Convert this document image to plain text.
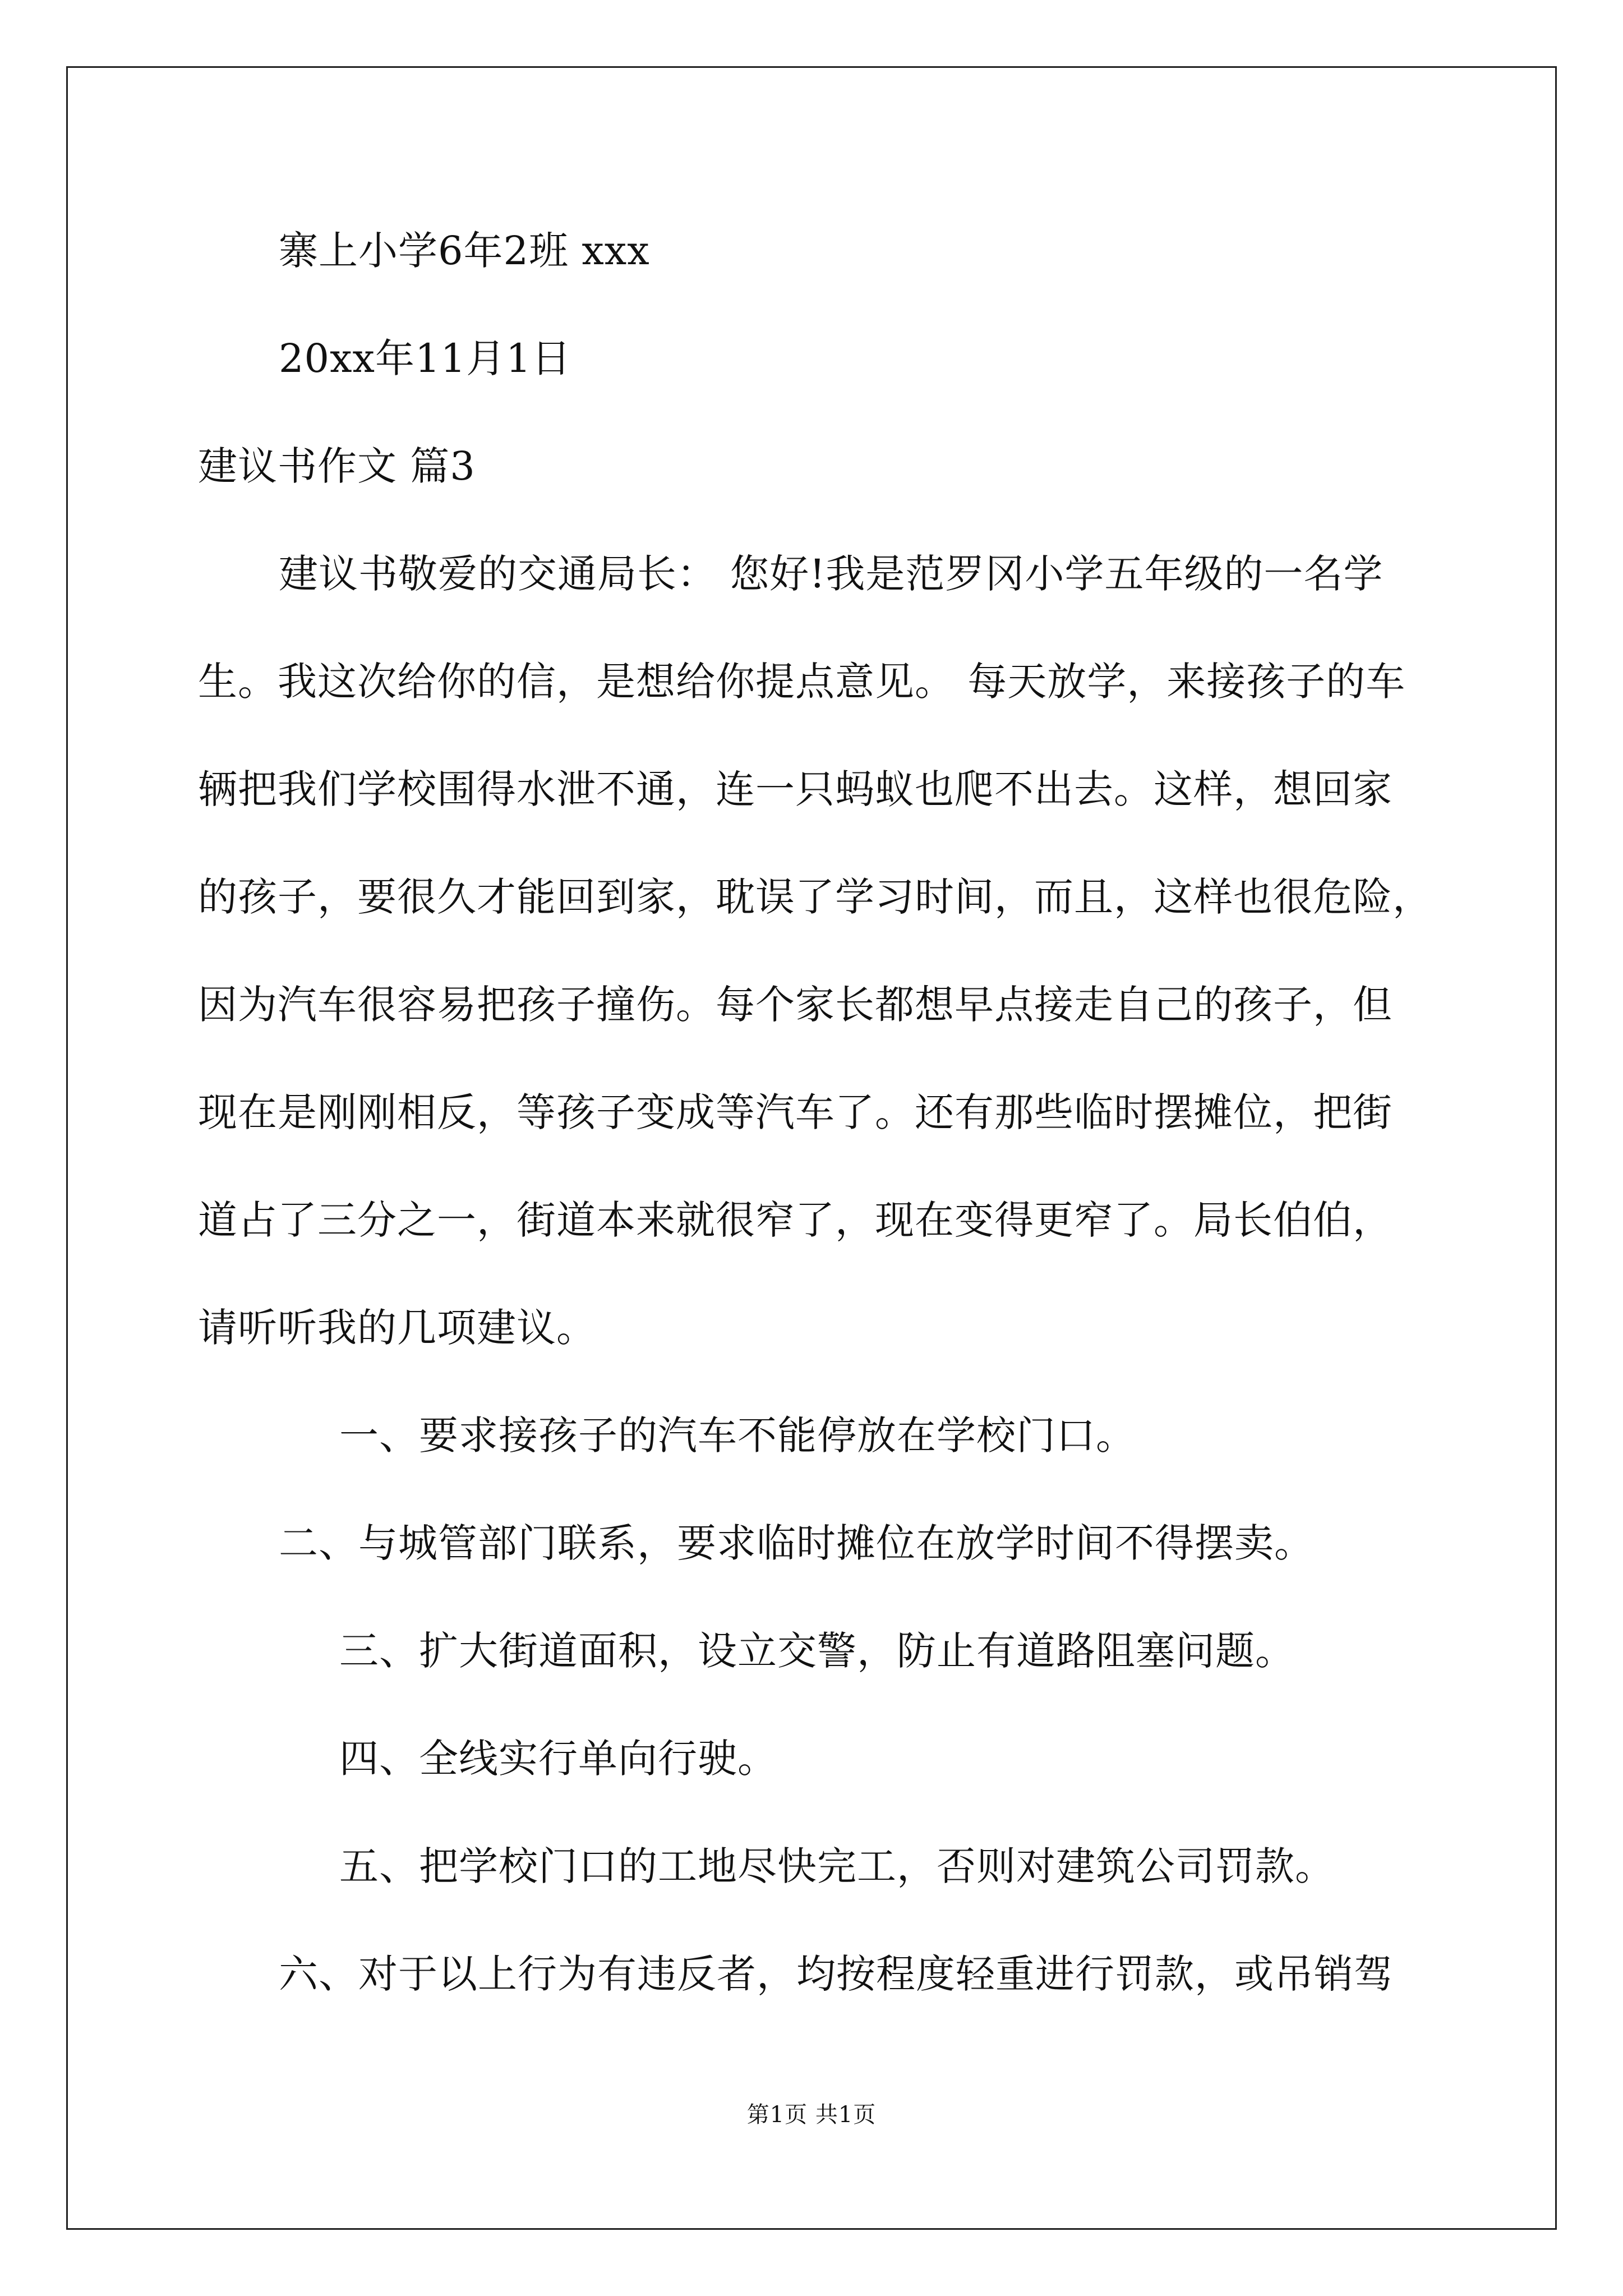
寨上小学6年2班 xxx
20xx年11月1日
建议书作文 篇3
建议书敬爱的交通局长： 您好!我是范罗冈小学五年级的一名学
生。我这次给你的信，是想给你提点意见。 每天放学，来接孩子的车
辆把我们学校围得水泄不通，连一只蚂蚁也爬不出去。这样，想回家
的孩子，要很久才能回到家，耽误了学习时间，而且，这样也很危险，
因为汽车很容易把孩子撞伤。每个家长都想早点接走自己的孩子，但
现在是刚刚相反，等孩子变成等汽车了。还有那些临时摆摊位，把街
道占了三分之一，街道本来就很窄了，现在变得更窄了。局长伯伯，
请听听我的几项建议。
一、要求接孩子的汽车不能停放在学校门口。
二、与城管部门联系，要求临时摊位在放学时间不得摆卖。
三、扩大街道面积，设立交警，防止有道路阻塞问题。
四、全线实行单向行驶。
五、把学校门口的工地尽快完工，否则对建筑公司罚款。
六、对于以上行为有违反者，均按程度轻重进行罚款，或吊销驾
第1页 共1页
